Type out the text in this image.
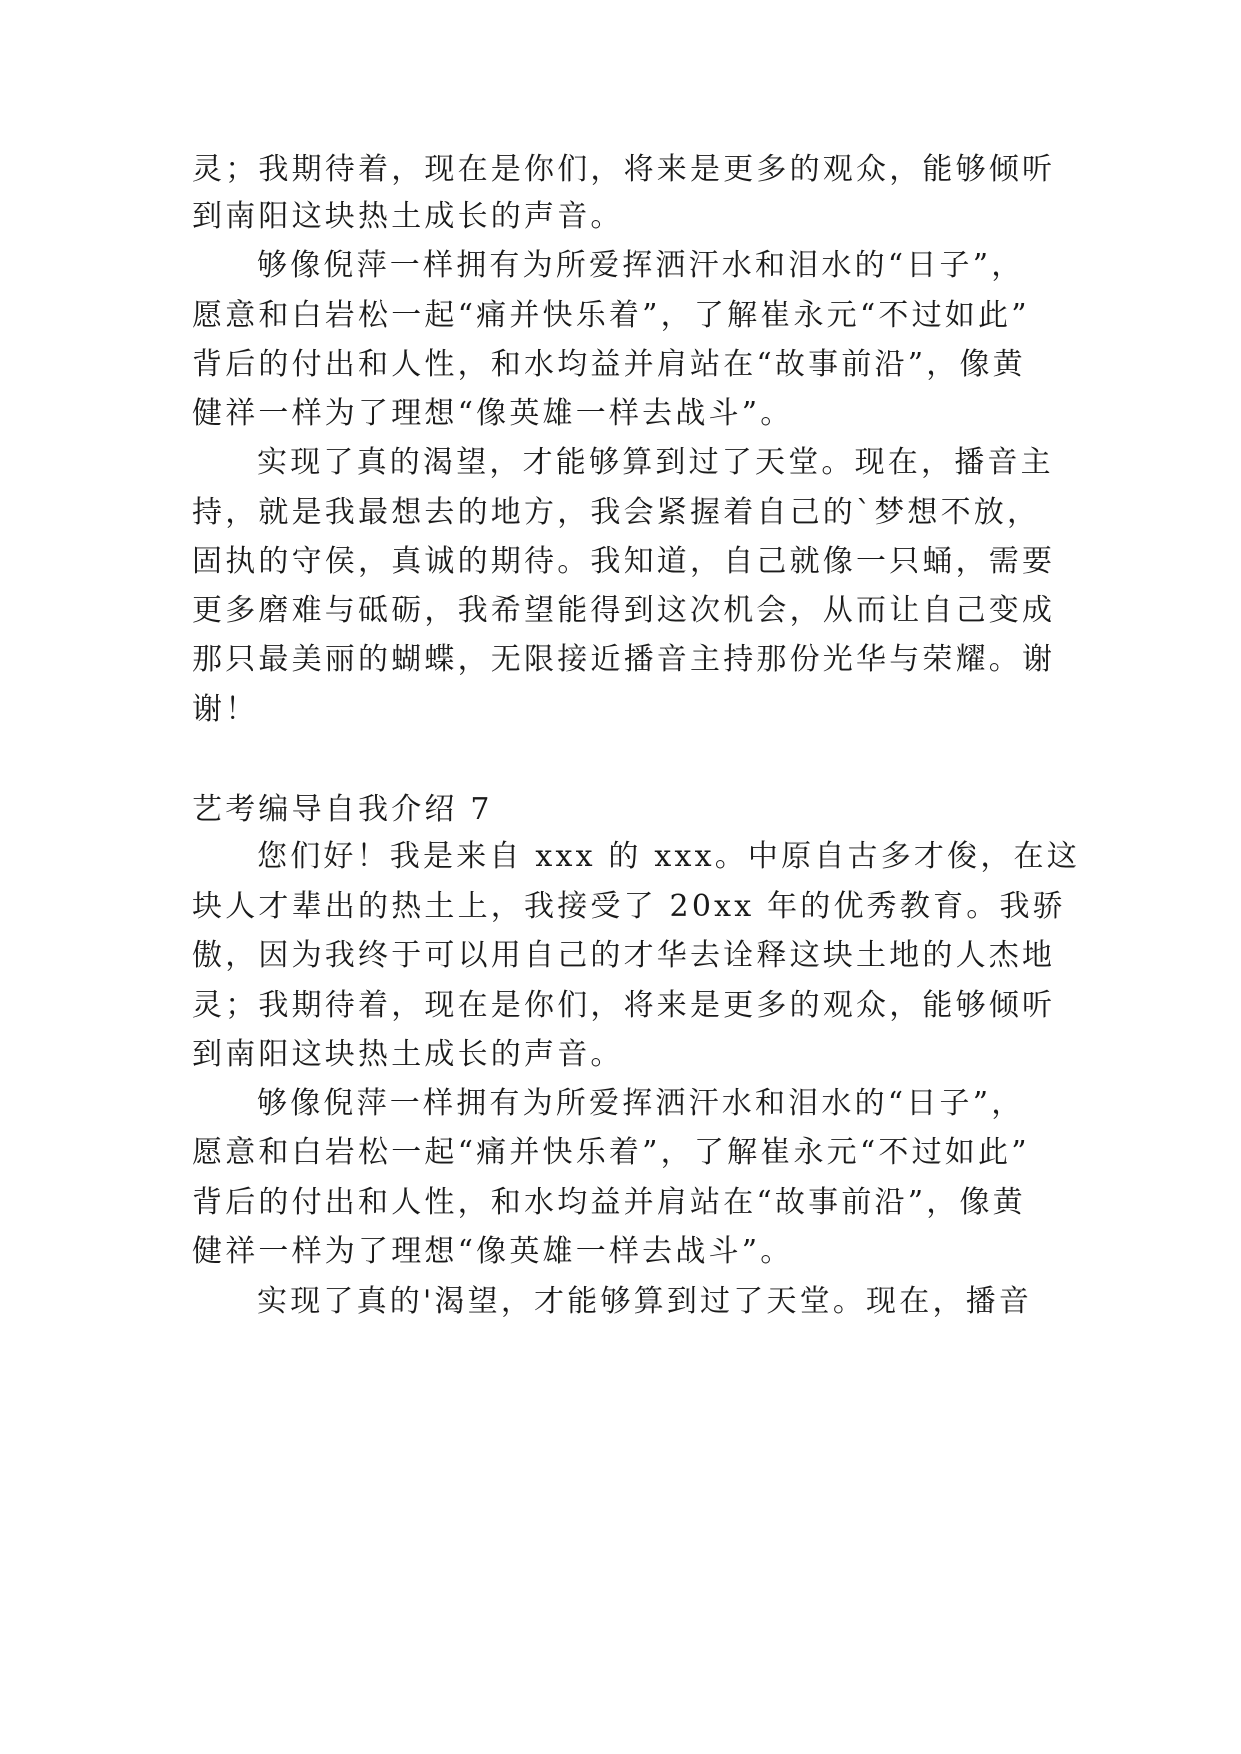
灵；我期待着，现在是你们，将来是更多的观众，能够倾听
到南阳这块热土成长的声音。
够像倪萍一样拥有为所爱挥洒汗水和泪水的“日子”，
愿意和白岩松一起“痛并快乐着”，了解崔永元“不过如此”
背后的付出和人性，和水均益并肩站在“故事前沿”，像黄
健祥一样为了理想“像英雄一样去战斗”。
实现了真的渴望，才能够算到过了天堂。现在，播音主
持，就是我最想去的地方，我会紧握着自己的`梦想不放，
固执的守侯，真诚的期待。我知道，自己就像一只蛹，需要
更多磨难与砥砺，我希望能得到这次机会，从而让自己变成
那只最美丽的蝴蝶，无限接近播音主持那份光华与荣耀。谢
谢！
艺考编导自我介绍 7
您们好！我是来自 xxx 的 xxx。中原自古多才俊，在这
块人才辈出的热土上，我接受了 20xx 年的优秀教育。我骄
傲，因为我终于可以用自己的才华去诠释这块土地的人杰地
灵；我期待着，现在是你们，将来是更多的观众，能够倾听
到南阳这块热土成长的声音。
够像倪萍一样拥有为所爱挥洒汗水和泪水的“日子”，
愿意和白岩松一起“痛并快乐着”，了解崔永元“不过如此”
背后的付出和人性，和水均益并肩站在“故事前沿”，像黄
健祥一样为了理想“像英雄一样去战斗”。
实现了真的'渴望，才能够算到过了天堂。现在，播音
